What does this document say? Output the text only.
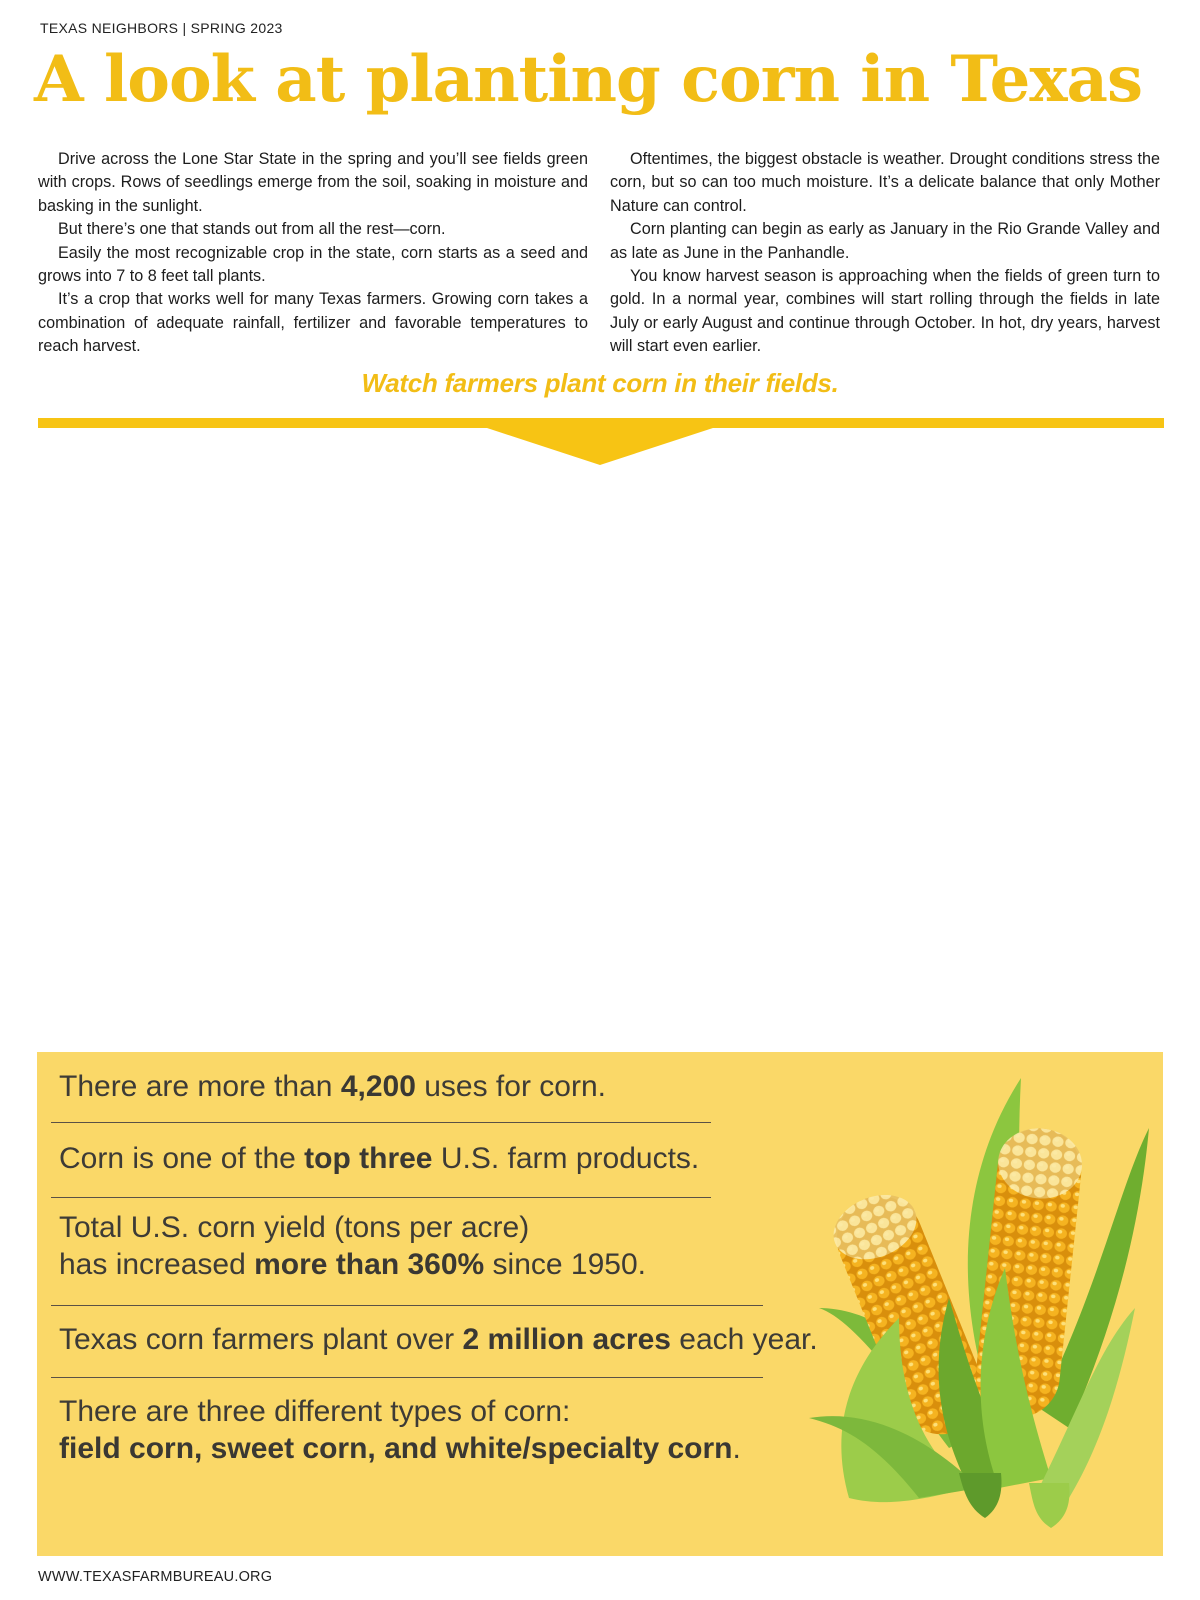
TEXAS NEIGHBORS | SPRING 2023
A look at planting corn in Texas

Drive across the Lone Star State in the spring and you’ll see fields green with crops. Rows of seedlings emerge from the soil, soaking in moisture and basking in the sunlight.

But there’s one that stands out from all the rest—corn.

Easily the most recognizable crop in the state, corn starts as a seed and grows into 7 to 8 feet tall plants.

It’s a crop that works well for many Texas farmers. Growing corn takes a combination of adequate rainfall, fertilizer and favorable temperatures to reach harvest.

Oftentimes, the biggest obstacle is weather. Drought conditions stress the corn, but so can too much moisture. It’s a delicate balance that only Mother Nature can control.

Corn planting can begin as early as January in the Rio Grande Valley and as late as June in the Panhandle.

You know harvest season is approaching when the fields of green turn to gold. In a normal year, combines will start rolling through the fields in late July or early August and continue through October. In hot, dry years, harvest will start even earlier.

Watch farmers plant corn in their fields.

There are more than 4,200 uses for corn.

Corn is one of the top three U.S. farm products.

Total U.S. corn yield (tons per acre)
has increased more than 360% since 1950.

Texas corn farmers plant over 2 million acres each year.

There are three different types of corn:
field corn, sweet corn, and white/specialty corn.

WWW.TEXASFARMBUREAU.ORG
